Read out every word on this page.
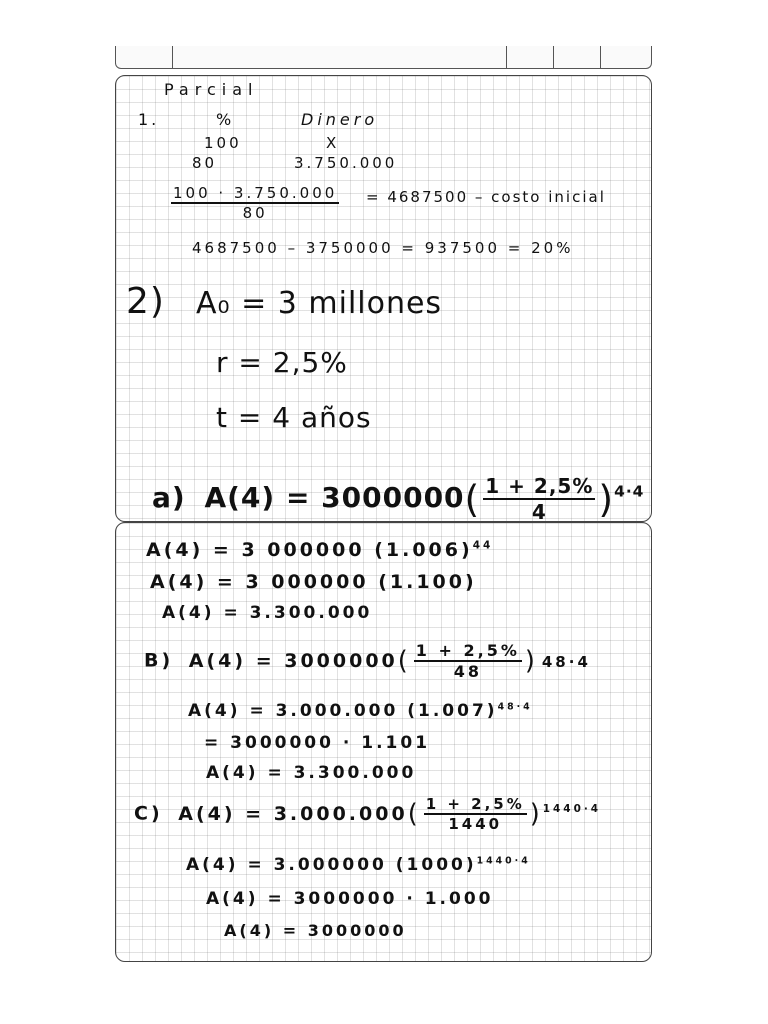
Parcial
1.	%	Dinero
100	X
80	3.750.000
$\frac{100 \cdot 3.750.000}{80} = 4687500$ – costo inicial
4687500 – 3750000 = 937500 = 20%
2) A₀ = 3 millones
r = 2,5%
t = 4 años
a) $A(4) = 3000000( \frac{1 + 2,5\%}{4} )^{4\cdot 4}$
A(4) = 3 000000 $(1.006)^{44}$
A(4) = 3 000000 (1.100)
A(4) = 3.300.000
B) $A(4) = 3000000( \frac{1 + 2,5\%}{48}$ ) 48·4
A(4) = 3.000.000 $(1.007)^{48\cdot 4}$
= 3000000 · 1.101
A(4) = 3.300.000
C) $A(4) = 3.000.000( \frac{1 + 2,5\%}{1440} )^{1440\cdot 4}$
A(4) = 3.000000 $(1000)^{1440\cdot 4}$
A(4) = 3000000 · 1.000
A(4) = 3000000
